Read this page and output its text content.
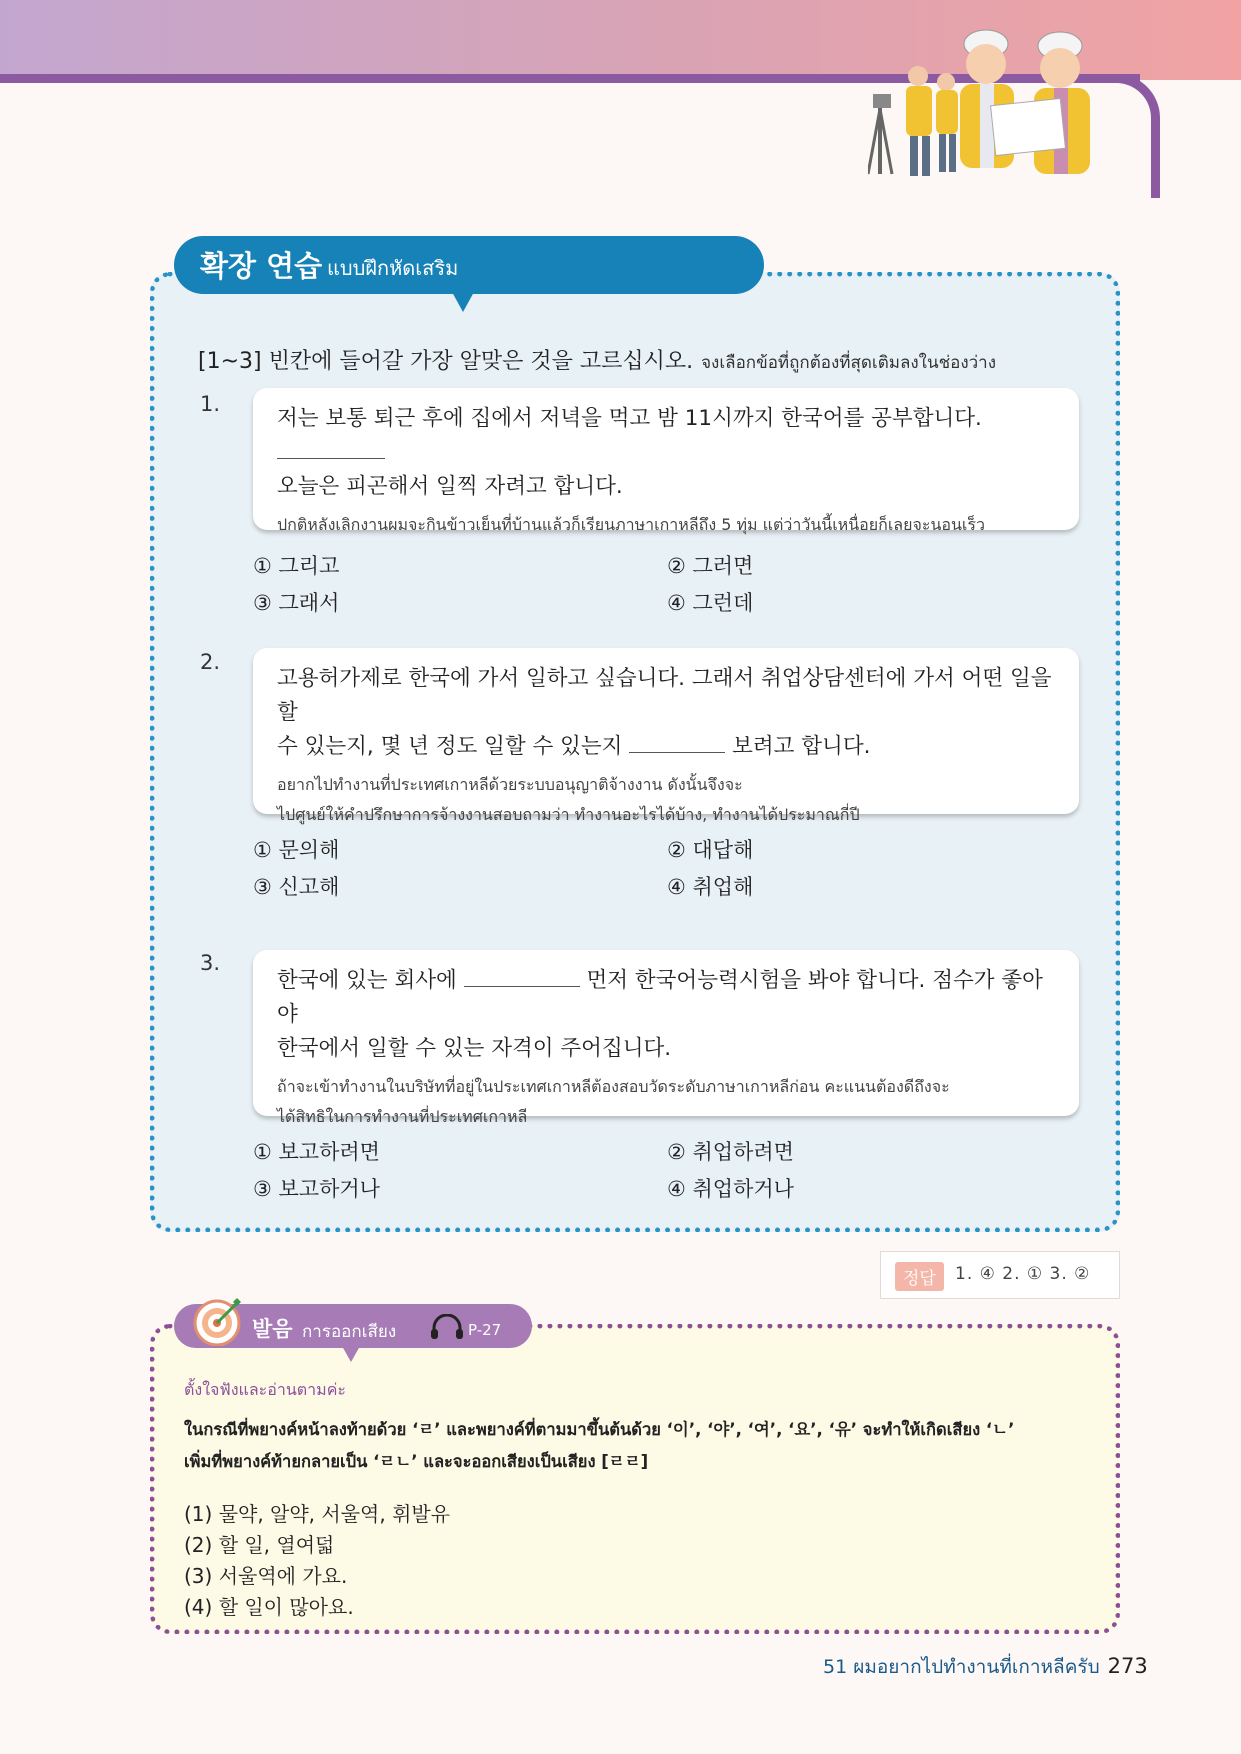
확장 연습 แบบฝึกหัดเสริม
[1~3] 빈칸에 들어갈 가장 알맞은 것을 고르십시오. จงเลือกข้อที่ถูกต้องที่สุดเติมลงในช่องว่าง
1.
저는 보통 퇴근 후에 집에서 저녁을 먹고 밤 11시까지 한국어를 공부합니다.
오늘은 피곤해서 일찍 자려고 합니다.
ปกติหลังเลิกงานผมจะกินข้าวเย็นที่บ้านแล้วก็เรียนภาษาเกาหลีถึง 5 ทุ่ม แต่ว่าวันนี้เหนื่อยก็เลยจะนอนเร็ว
① 그리고	② 그러면
③ 그래서	④ 그런데
2.
고용허가제로 한국에 가서 일하고 싶습니다. 그래서 취업상담센터에 가서 어떤 일을 할
수 있는지, 몇 년 정도 일할 수 있는지	보려고 합니다.
อยากไปทำงานที่ประเทศเกาหลีด้วยระบบอนุญาติจ้างงาน ดังนั้นจึงจะ
ไปศูนย์ให้คำปรึกษาการจ้างงานสอบถามว่า ทำงานอะไรได้บ้าง, ทำงานได้ประมาณกี่ปี
① 문의해	② 대답해
③ 신고해	④ 취업해
3.
한국에 있는 회사에	먼저 한국어능력시험을 봐야 합니다. 점수가 좋아야
한국에서 일할 수 있는 자격이 주어집니다.
ถ้าจะเข้าทำงานในบริษัทที่อยู่ในประเทศเกาหลีต้องสอบวัดระดับภาษาเกาหลีก่อน คะแนนต้องดีถึงจะ
ได้สิทธิในการทำงานที่ประเทศเกาหลี
① 보고하려면	② 취업하려면
③ 보고하거나	④ 취업하거나
정답	1. ④ 2. ① 3. ②
발음 การออกเสียง	P-27
ตั้งใจฟังและอ่านตามค่ะ
ในกรณีที่พยางค์หน้าลงท้ายด้วย ‘ㄹ’ และพยางค์ที่ตามมาขึ้นต้นด้วย ‘이’, ‘야’, ‘여’, ‘요’, ‘유’ จะทำให้เกิดเสียง ‘ㄴ’
เพิ่มที่พยางค์ท้ายกลายเป็น ‘ㄹㄴ’ และจะออกเสียงเป็นเสียง [ㄹㄹ]
(1) 물약, 알약, 서울역, 휘발유
(2) 할 일, 열여덟
(3) 서울역에 가요.
(4) 할 일이 많아요.
51 ผมอยากไปทำงานที่เกาหลีครับ 273
